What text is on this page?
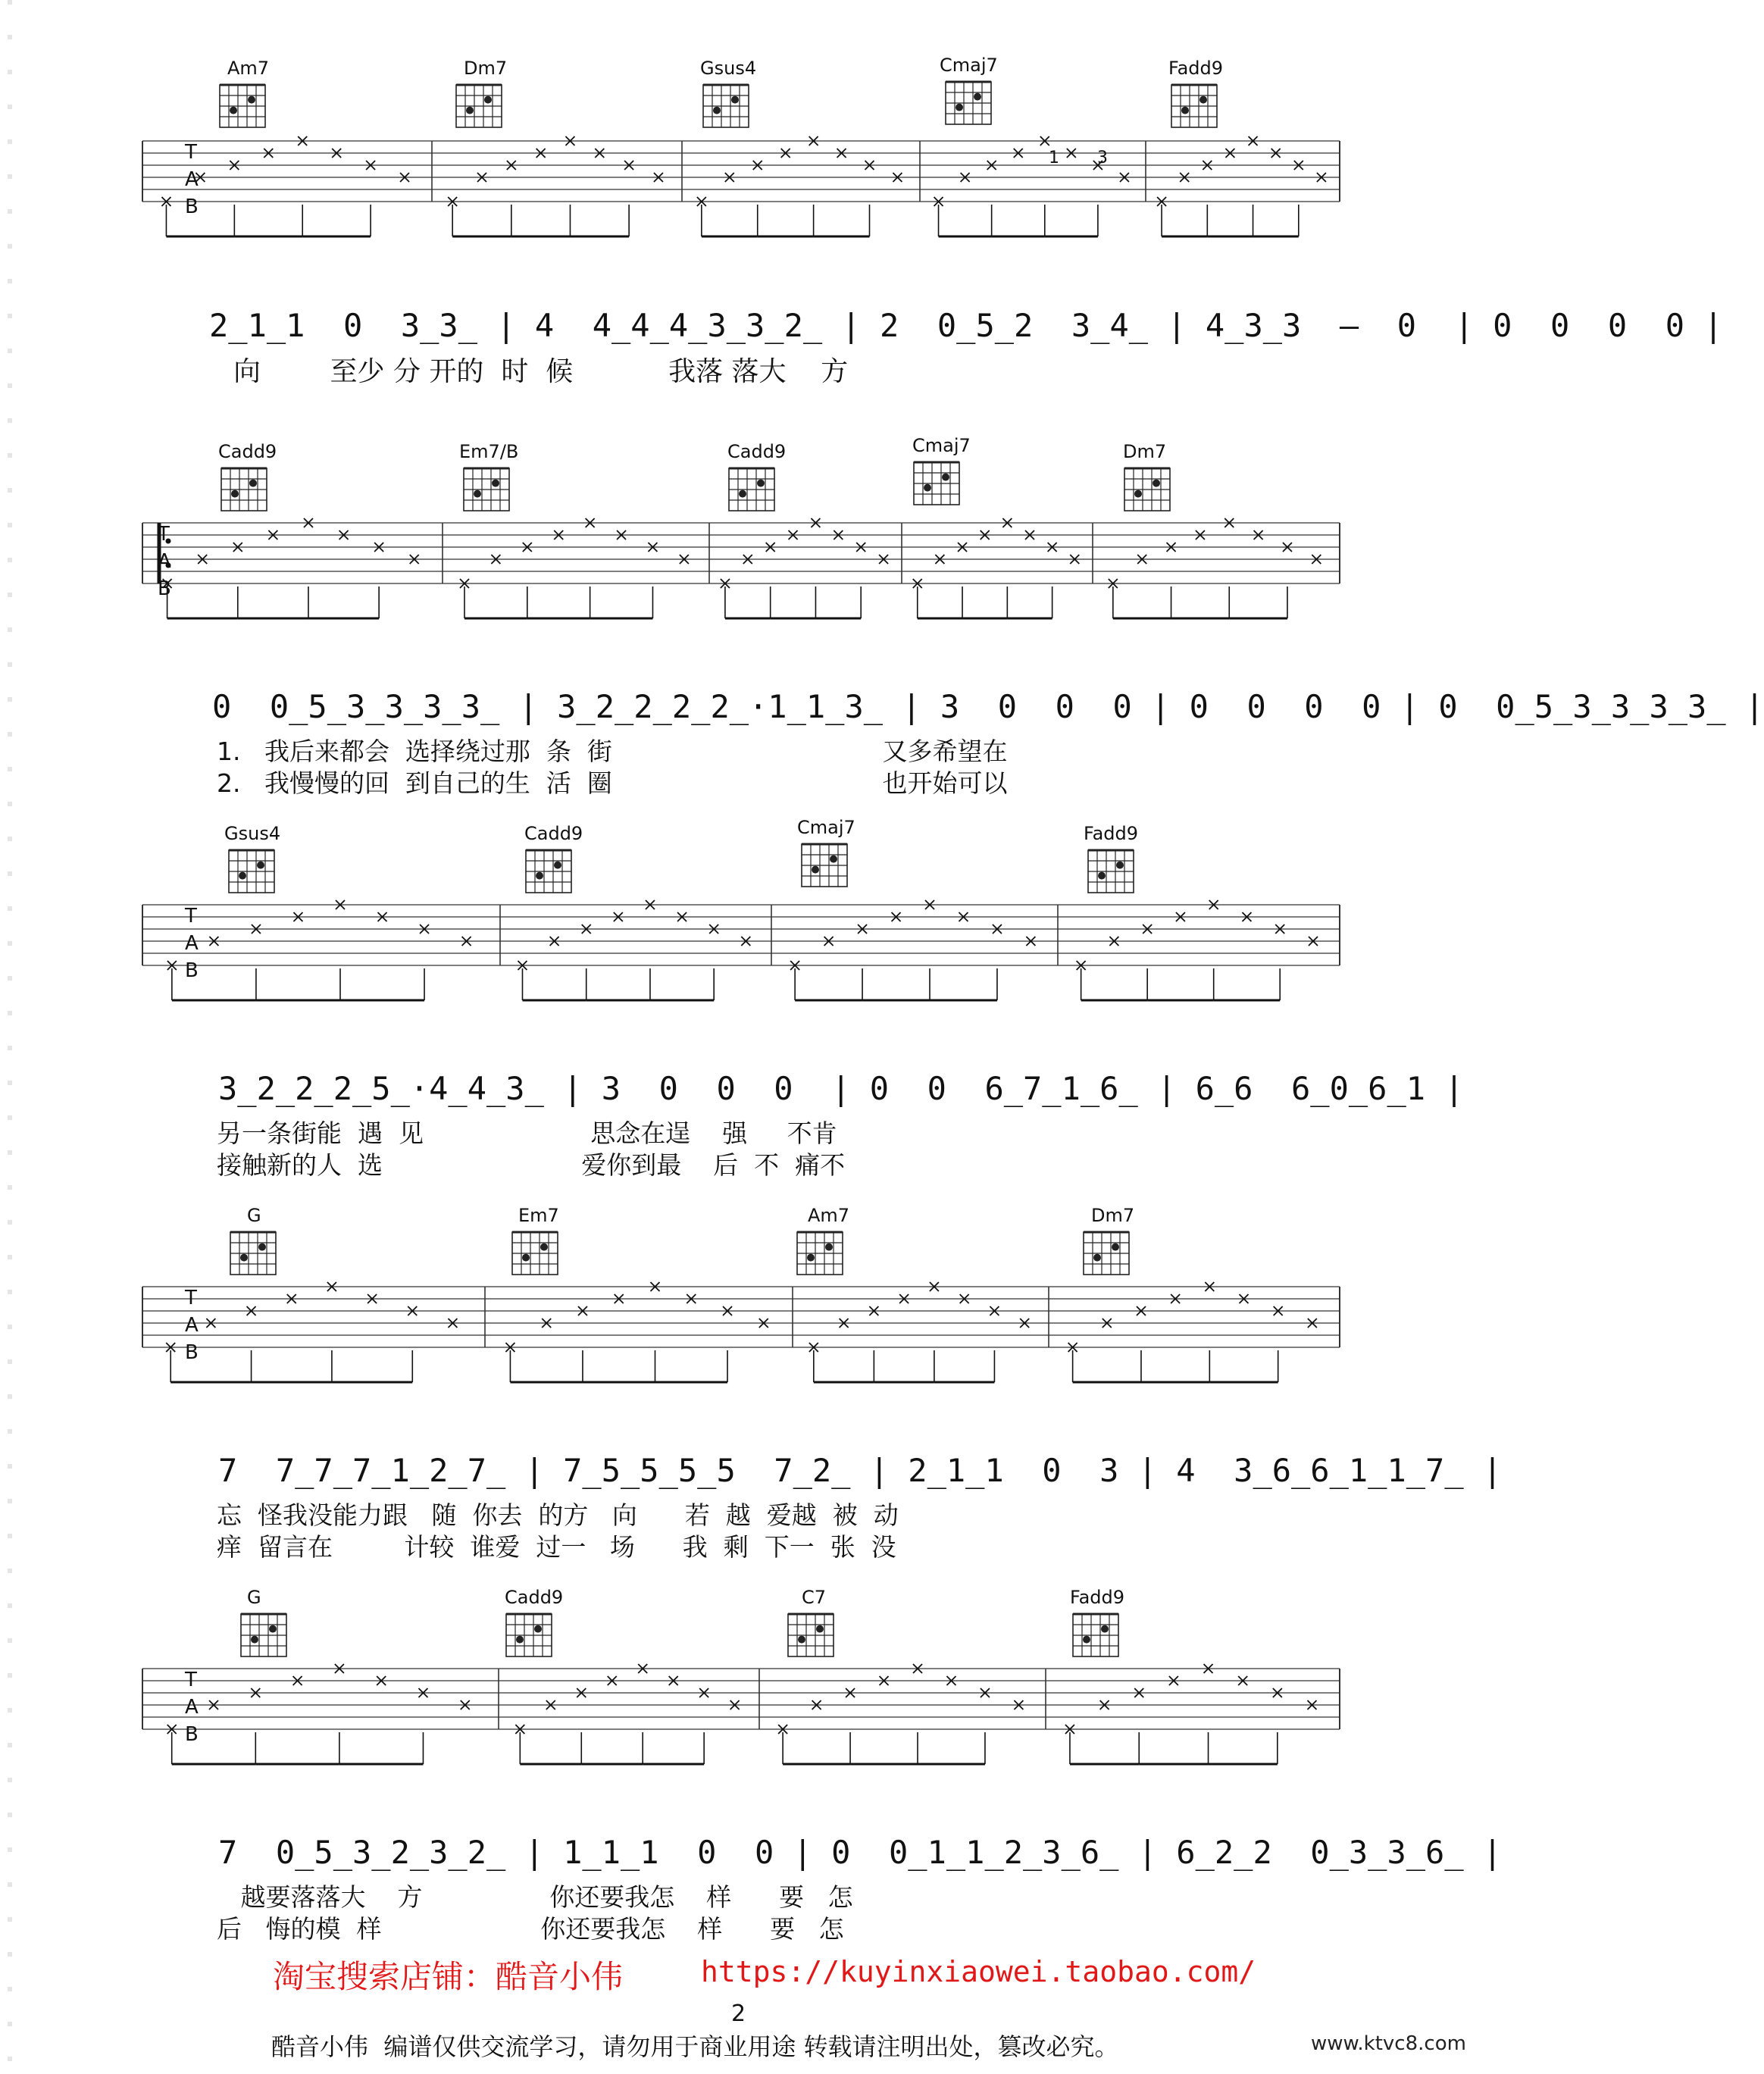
Am7	Dm7	Gsus4	Cmaj7	Fadd9
Cadd9	Em7/B	Cadd9	Cmaj7	Dm7
Gsus4	Cadd9	Cmaj7	Fadd9
G	Em7	Am7	Dm7
G	Cadd9	C7	Fadd9
T
A
B
T
A
B
T
A
B
T
A
B
T
A
B
1 3
2̲1̲1  0  3̲3̲ | 4  4̲4̲4̲3̲3̲2̲ | 2  0̲5̲2  3̲4̲ | 4̲3̲3  —  0  | 0  0  0  0 |
向        至少 分 开的  时  候           我落 落大    方
0  0̲5̲3̲3̲3̲3̲ | 3̲2̲2̲2̲2̲·1̲1̲3̲ | 3  0  0  0 | 0  0  0  0 | 0  0̲5̲3̲3̲3̲3̲ |
1.   我后来都会  选择绕过那  条  街                                  又多希望在
2.   我慢慢的回  到自己的生  活  圈                                  也开始可以
3̲2̲2̲2̲5̲·4̲4̲3̲ | 3  0  0  0  | 0  0  6̲7̲1̲6̲ | 6̲6  6̲0̲6̲1 |
另一条街能  遇  见                     思念在逞    强     不肯
接触新的人  选                         爱你到最    后  不  痛不
7  7̲7̲7̲1̲2̲7̲ | 7̲5̲5̲5̲5  7̲2̲ | 2̲1̲1  0  3 | 4  3̲6̲6̲1̲1̲7̲ |
忘  怪我没能力跟   随  你去  的方   向      若  越  爱越  被  动
痒  留言在         计较  谁爱  过一   场      我  剩  下一  张  没
7  0̲5̲3̲2̲3̲2̲ | 1̲1̲1  0  0 | 0  0̲1̲1̲2̲3̲6̲ | 6̲2̲2  0̲3̲3̲6̲ |
越要落落大    方                你还要我怎    样      要   怎
后   悔的模  样                    你还要我怎    样      要   怎
淘宝搜索店铺：酷音小伟	https://kuyinxiaowei.taobao.com/
2
酷音小伟  编谱仅供交流学习，请勿用于商业用途 转载请注明出处，篡改必究。	www.ktvc8.com
